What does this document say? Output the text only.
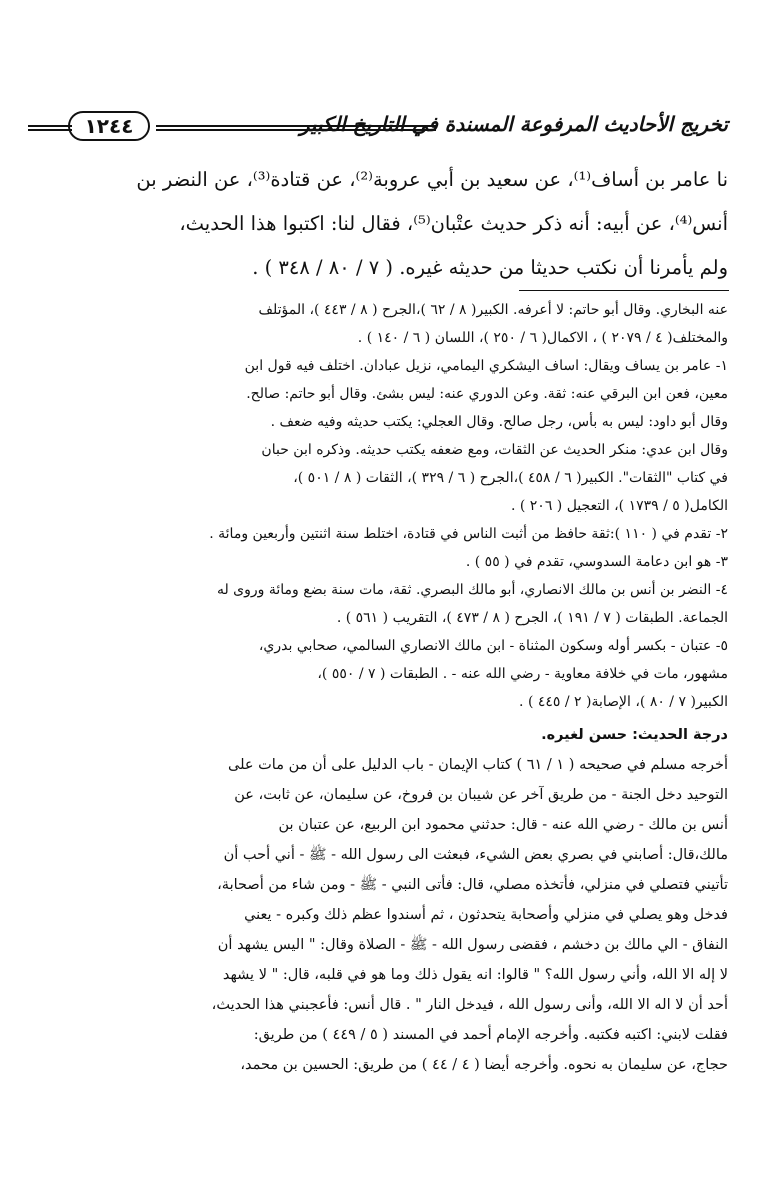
تخريج الأحاديث المرفوعة المسندة في التاريخ الكبير
١٢٤٤

نا عامر بن أساف⁽¹⁾، عن سعيد بن أبي عروبة⁽²⁾، عن قتادة⁽³⁾، عن النضر بن

أنس⁽⁴⁾، عن أبيه: أنه ذكر حديث عتْبان⁽⁵⁾، فقال لنا: اكتبوا هذا الحديث،

ولم يأمرنا أن نكتب حديثا من حديثه غيره. ( ٧ / ٨٠ / ٣٤٨ ) .

عنه البخاري. وقال أبو حاتم: لا أعرفه. الكبير( ٨ / ٦٢ )،الجرح ( ٨ / ٤٤٣ )، المؤتلف

والمختلف( ٤ / ٢٠٧٩ ) ، الاكمال( ٦ / ٢٥٠ )، اللسان ( ٦ / ١٤٠ ) .

١- عامر بن يساف ويقال: اساف اليشكري اليمامي، نزيل عبادان. اختلف فيه قول ابن

معين، فعن ابن البرقي عنه: ثقة. وعن الدوري عنه: ليس بشئ. وقال أبو حاتم: صالح.

وقال أبو داود: ليس به بأس، رجل صالح. وقال العجلي: يكتب حديثه وفيه ضعف .

وقال ابن عدي: منكر الحديث عن الثقات، ومع ضعفه يكتب حديثه. وذكره ابن حبان

في كتاب "الثقات". الكبير( ٦ / ٤٥٨ )،الجرح ( ٦ / ٣٢٩ )، الثقات ( ٨ / ٥٠١ )،

الكامل( ٥ / ١٧٣٩ )، التعجيل ( ٢٠٦ ) .

٢- تقدم في ( ١١٠ ):ثقة حافظ من أثبت الناس في قتادة، اختلط سنة اثنتين وأربعين ومائة .

٣- هو ابن دعامة السدوسي، تقدم في ( ٥٥ ) .

٤- النضر بن أنس بن مالك الانصاري، أبو مالك البصري. ثقة، مات سنة بضع ومائة وروى له

الجماعة. الطبقات ( ٧ / ١٩١ )، الجرح ( ٨ / ٤٧٣ )، التقريب ( ٥٦١ ) .

٥- عتبان - بكسر أوله وسكون المثناة - ابن مالك الانصاري السالمي، صحابي بدري،

مشهور، مات في خلافة معاوية - رضي الله عنه - . الطبقات ( ٧ / ٥٥٠ )،

الكبير( ٧ / ٨٠ )، الإصابة( ٢ / ٤٤٥ ) .

درجة الحديث: حسن لغيره.

أخرجه مسلم في صحيحه ( ١ / ٦١ ) كتاب الإيمان - باب الدليل على أن من مات على

التوحيد دخل الجنة - من طريق آخر عن شيبان بن فروخ، عن سليمان، عن ثابت، عن

أنس بن مالك - رضي الله عنه - قال: حدثني محمود ابن الربيع، عن عتبان بن

مالك،قال: أصابني في بصري بعض الشيء، فبعثت الى رسول الله - ﷺ - أني أحب أن

تأتيني فتصلي في منزلي، فأتخذه مصلي، قال: فأتى النبي - ﷺ - ومن شاء من أصحابة،

فدخل وهو يصلي في منزلي وأصحابة يتحدثون ، ثم أسندوا عظم ذلك وكبره - يعني

النفاق - الي مالك بن دخشم ، فقضى رسول الله - ﷺ - الصلاة وقال: " اليس يشهد أن

لا إله الا الله، وأني رسول الله؟ " قالوا: انه يقول ذلك وما هو في قلبه، قال: " لا يشهد

أحد أن لا اله الا الله، وأنى رسول الله ، فيدخل النار " . قال أنس: فأعجبني هذا الحديث،

فقلت لابني: اكتبه فكتبه. وأخرجه الإمام أحمد في المسند ( ٥ / ٤٤٩ ) من طريق:

حجاج، عن سليمان به نحوه. وأخرجه أيضا ( ٤ / ٤٤ ) من طريق: الحسين بن محمد،
